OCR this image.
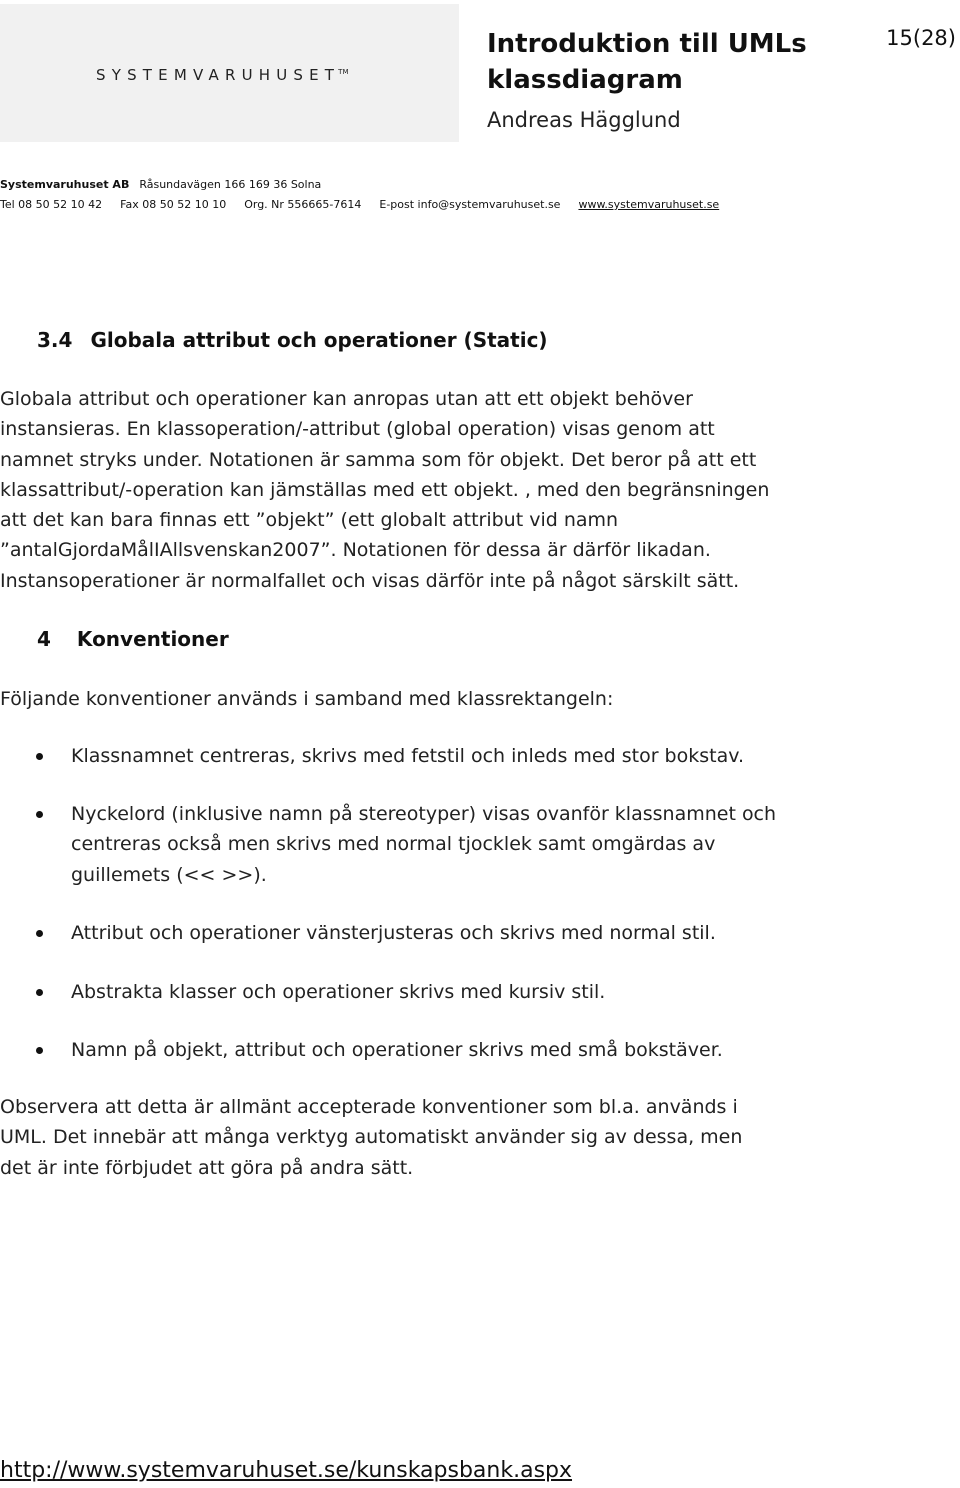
SYSTEMVARUHUSET™
Introduktion till UMLs klassdiagram
Andreas Hägglund
15(28)
Systemvaruhuset AB Råsundavägen 166 169 36 Solna
Tel 08 50 52 10 42 Fax 08 50 52 10 10 Org. Nr 556665-7614 E-post info@systemvaruhuset.se www.systemvaruhuset.se
3.4 Globala attribut och operationer (Static)
Globala attribut och operationer kan anropas utan att ett objekt behöver
instansieras. En klassoperation/-attribut (global operation) visas genom att
namnet stryks under. Notationen är samma som för objekt. Det beror på att ett
klassattribut/-operation kan jämställas med ett objekt. , med den begränsningen
att det kan bara finnas ett ”objekt” (ett globalt attribut vid namn
”antalGjordaMålIAllsvenskan2007”. Notationen för dessa är därför likadan.
Instansoperationer är normalfallet och visas därför inte på något särskilt sätt.
4 Konventioner
Följande konventioner används i samband med klassrektangeln:

Klassnamnet centreras, skrivs med fetstil och inleds med stor bokstav.

Nyckelord (inklusive namn på stereotyper) visas ovanför klassnamnet och
centreras också men skrivs med normal tjocklek samt omgärdas av
guillemets (<< >>).

Attribut och operationer vänsterjusteras och skrivs med normal stil.

Abstrakta klasser och operationer skrivs med kursiv stil.

Namn på objekt, attribut och operationer skrivs med små bokstäver.

Observera att detta är allmänt accepterade konventioner som bl.a. används i
UML. Det innebär att många verktyg automatiskt använder sig av dessa, men
det är inte förbjudet att göra på andra sätt.
http://www.systemvaruhuset.se/kunskapsbank.aspx
